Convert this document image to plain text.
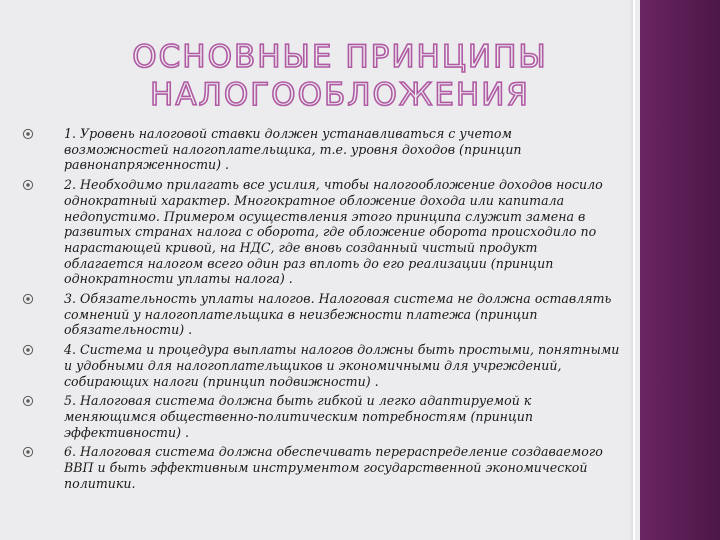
ОСНОВНЫЕ ПРИНЦИПЫ
НАЛОГООБЛОЖЕНИЯ
1. Уровень налоговой ставки должен устанавливаться с учетом возможностей налогоплательщика, т.е. уровня доходов (принцип равнонапряженности) .
2. Необходимо прилагать все усилия, чтобы налогообложение доходов носило однократный характер. Многократное обложение дохода или капитала недопустимо. Примером осуществления этого принципа служит замена в развитых странах налога с оборота, где обложение оборота происходило по нарастающей кривой, на НДС, где вновь созданный чистый продукт облагается налогом всего один раз вплоть до его реализации (принцип однократности уплаты налога) .
3. Обязательность уплаты налогов. Налоговая система не должна оставлять сомнений у налогоплательщика в неизбежности платежа (принцип обязательности) .
4. Система и процедура выплаты налогов должны быть простыми, понятными и удобными для налогоплательщиков и экономичными для учреждений, собирающих налоги (принцип подвижности) .
5. Налоговая система должна быть гибкой и легко адаптируемой к меняющимся общественно-политическим потребностям (принцип эффективности) .
6. Налоговая система должна обеспечивать перераспределение создаваемого ВВП и быть эффективным инструментом государственной экономической политики.
